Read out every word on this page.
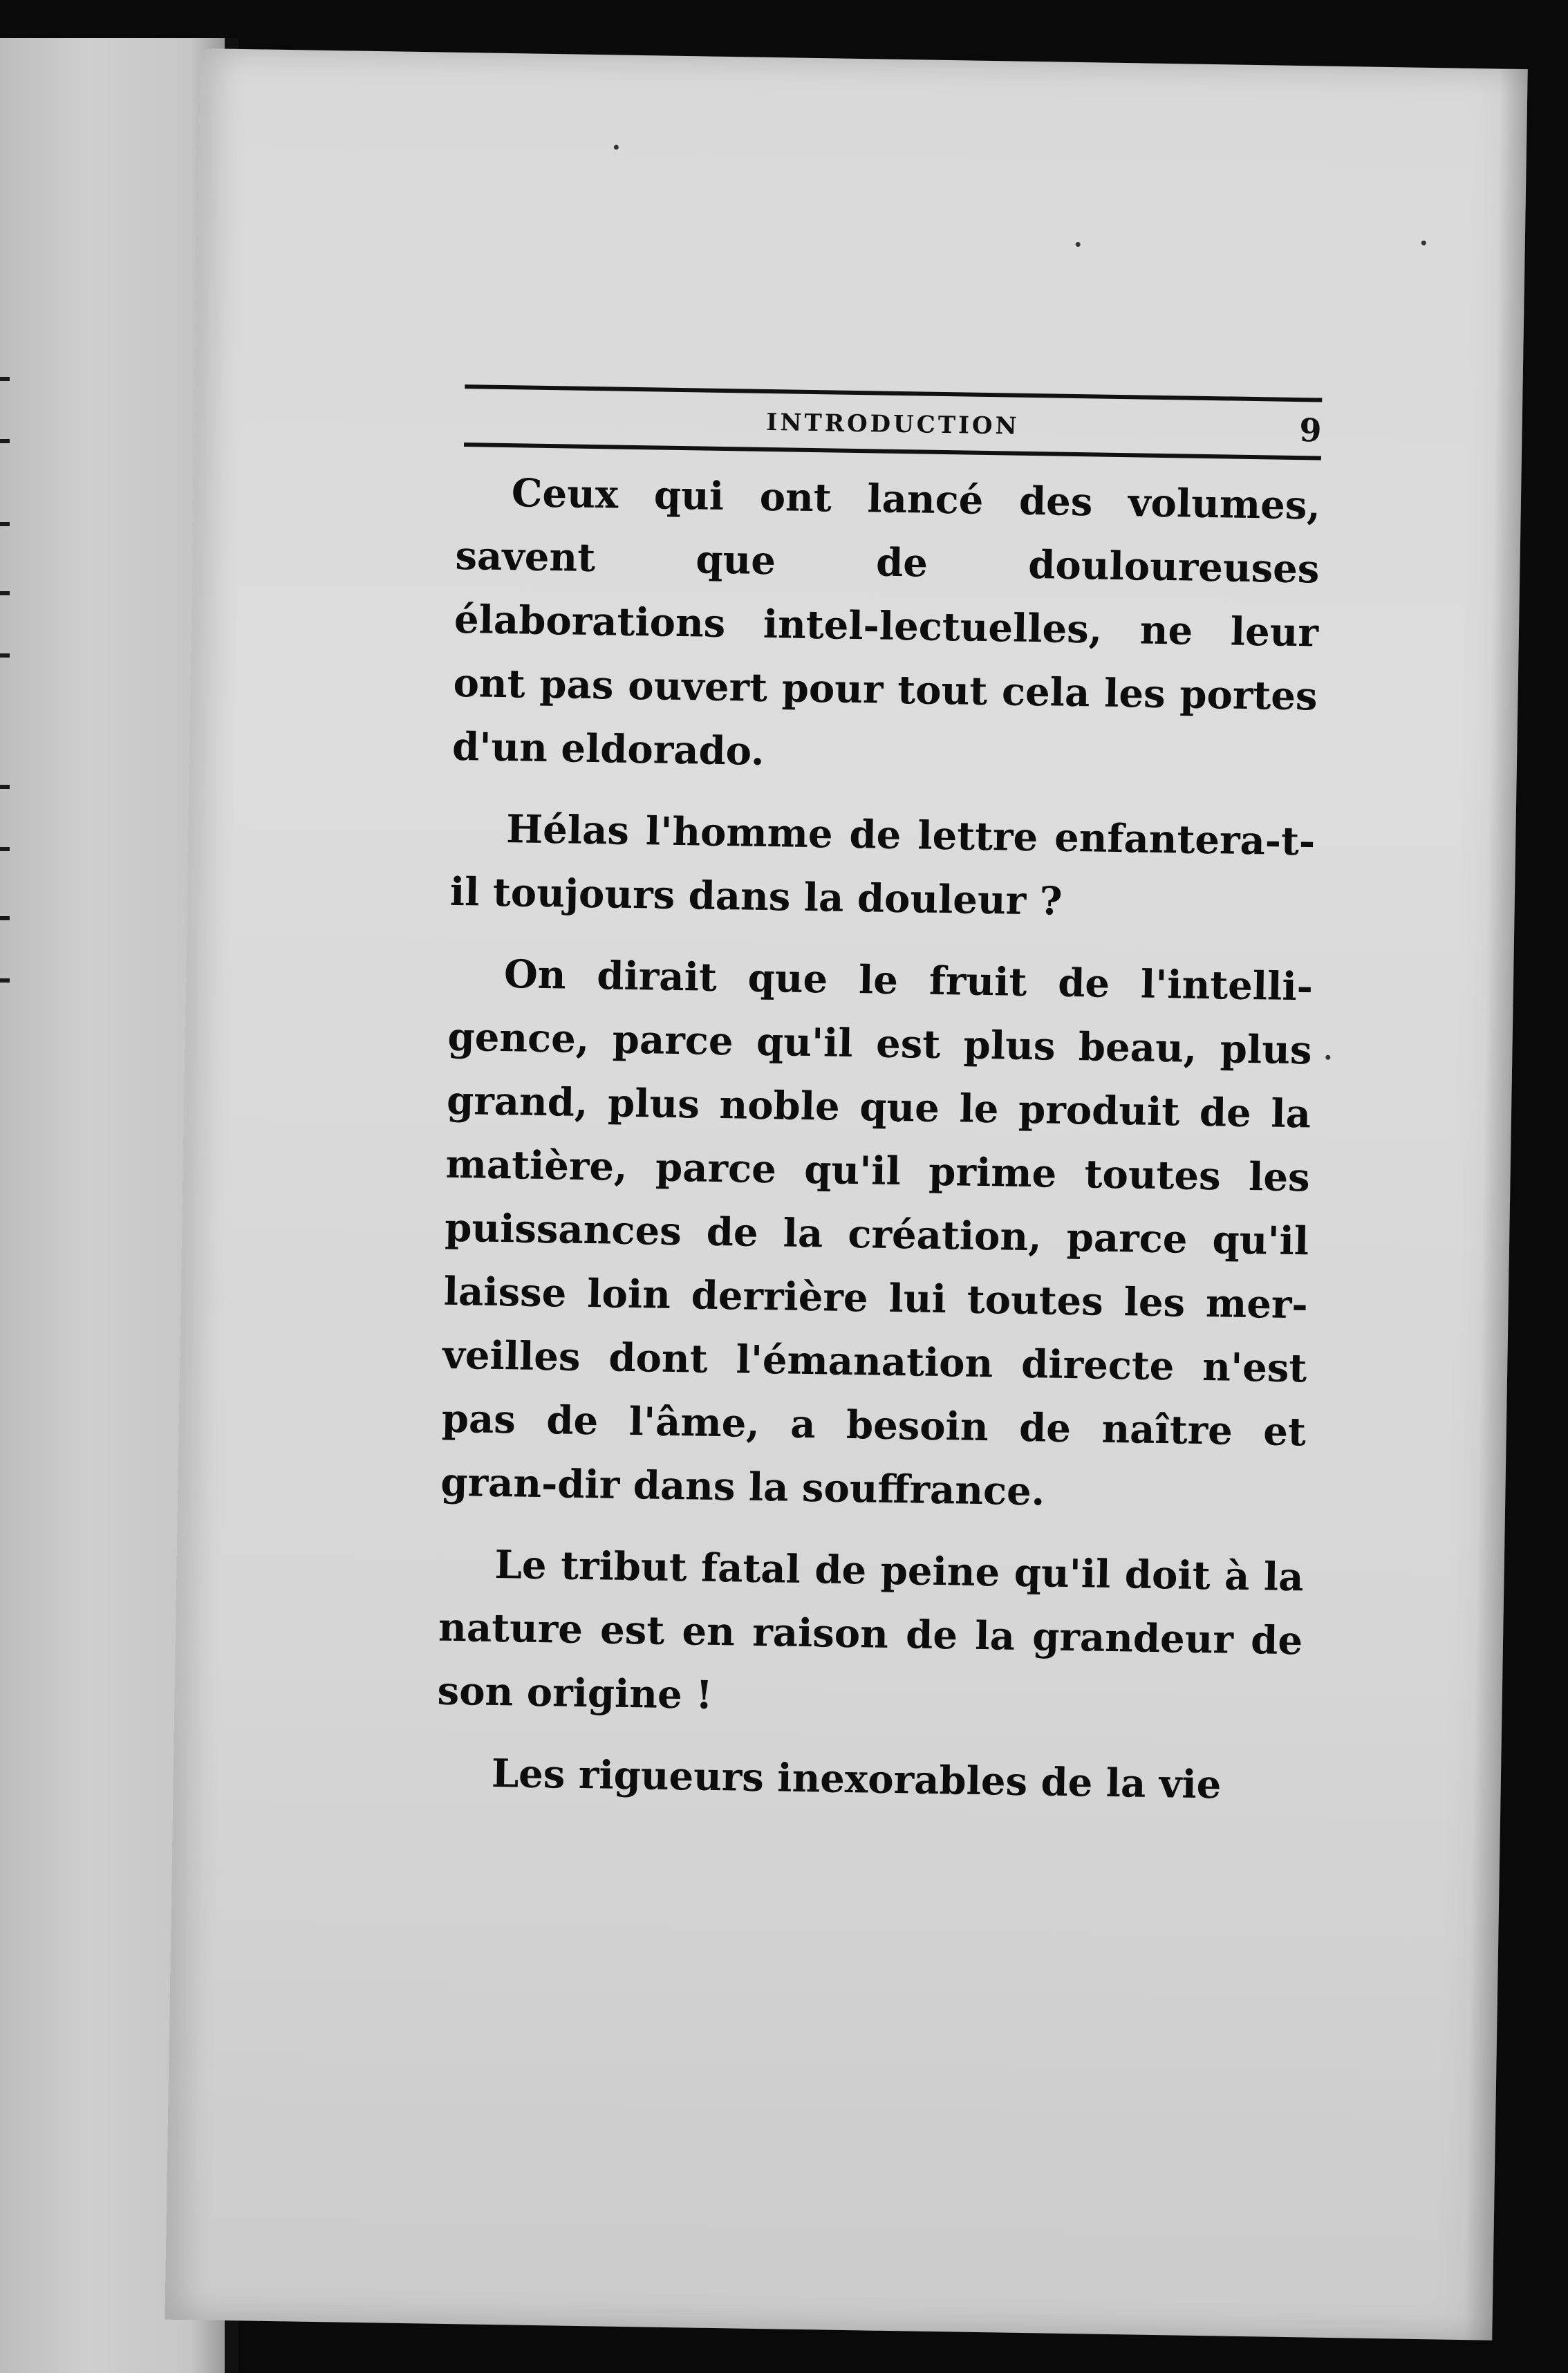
INTRODUCTION	9

Ceux qui ont lancé des volumes, savent que de douloureuses élaborations intel-lectuelles, ne leur ont pas ouvert pour tout cela les portes d'un eldorado.

Hélas l'homme de lettre enfantera-t-il toujours dans la douleur ?

On dirait que le fruit de l'intelli-gence, parce qu'il est plus beau, plus grand, plus noble que le produit de la matière, parce qu'il prime toutes les puissances de la création, parce qu'il laisse loin derrière lui toutes les mer-veilles dont l'émanation directe n'est pas de l'âme, a besoin de naître et gran-dir dans la souffrance.

Le tribut fatal de peine qu'il doit à la nature est en raison de la grandeur de son origine !

Les rigueurs inexorables de la vie
